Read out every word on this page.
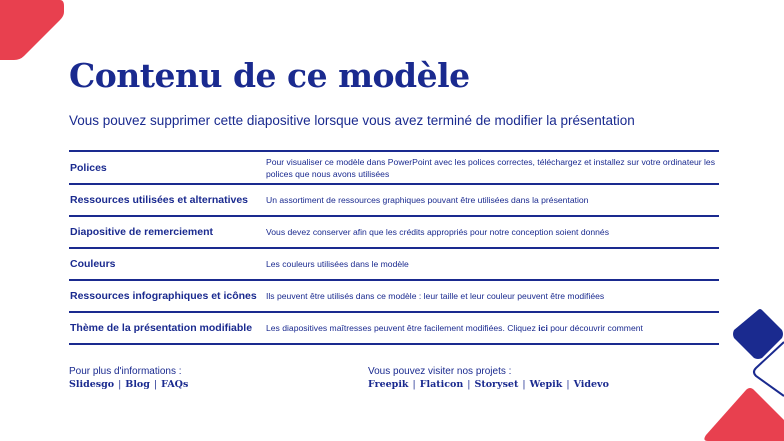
Contenu de ce modèle
Vous pouvez supprimer cette diapositive lorsque vous avez terminé de modifier la présentation
Polices	Pour visualiser ce modèle dans PowerPoint avec les polices correctes, téléchargez et installez sur votre ordinateur les polices que nous avons utilisées
Ressources utilisées et alternatives	Un assortiment de ressources graphiques pouvant être utilisées dans la présentation
Diapositive de remerciement	Vous devez conserver afin que les crédits appropriés pour notre conception soient donnés
Couleurs	Les couleurs utilisées dans le modèle
Ressources infographiques et icônes	Ils peuvent être utilisés dans ce modèle : leur taille et leur couleur peuvent être modifiées
Thème de la présentation modifiable	Les diapositives maîtresses peuvent être facilement modifiées. Cliquez ici pour découvrir comment
Pour plus d'informations :
Slidesgo | Blog | FAQs
Vous pouvez visiter nos projets :
Freepik | Flaticon | Storyset | Wepik | Videvo
